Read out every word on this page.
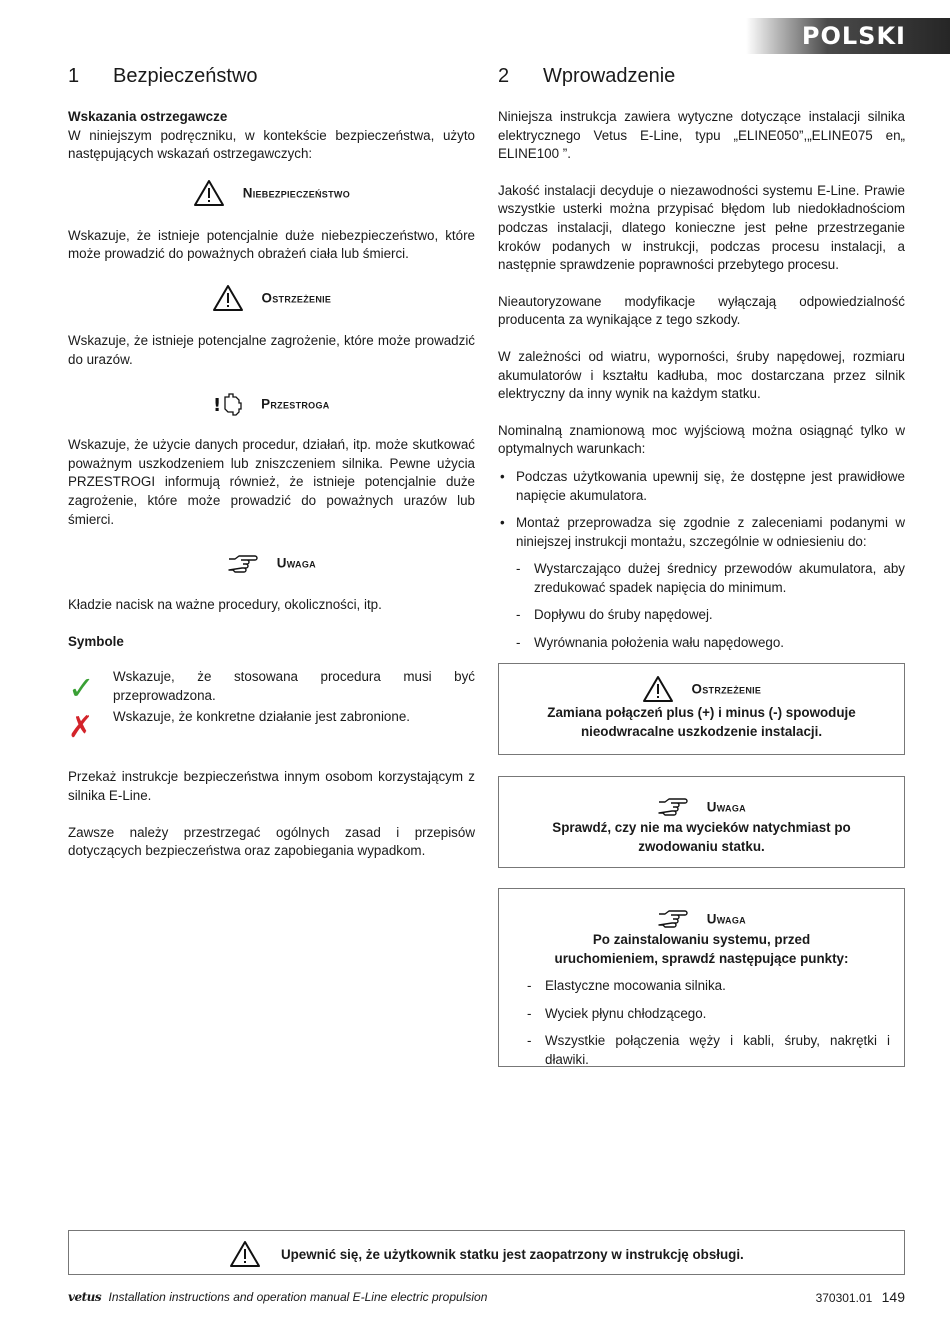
POLSKI
1 Bezpieczeństwo

Wskazania ostrzegawcze

W niniejszym podręczniku, w kontekście bezpieczeństwa, użyto następujących wskazań ostrzegawczych:

Niebezpieczeństwo

Wskazuje, że istnieje potencjalnie duże niebezpieczeństwo, które może prowadzić do poważnych obrażeń ciała lub śmierci.

Ostrzeżenie

Wskazuje, że istnieje potencjalne zagrożenie, które może prowadzić do urazów.

!	Przestroga

Wskazuje, że użycie danych procedur, działań, itp. może skutkować poważnym uszkodzeniem lub zniszczeniem silnika. Pewne użycia PRZESTROGI informują również, że istnieje potencjalnie duże zagrożenie, które może prowadzić do poważnych urazów lub śmierci.

Uwaga

Kładzie nacisk na ważne procedury, okoliczności, itp.

Symbole

✓	Wskazuje, że stosowana procedura musi być przeprowadzona.

✗	Wskazuje, że konkretne działanie jest zabronione.

Przekaż instrukcje bezpieczeństwa innym osobom korzystającym z silnika E-Line.

Zawsze należy przestrzegać ogólnych zasad i przepisów dotyczących bezpieczeństwa oraz zapobiegania wypadkom.

2 Wprowadzenie

Niniejsza instrukcja zawiera wytyczne dotyczące instalacji silnika elektrycznego Vetus E-Line, typu „ELINE050”,„ELINE075 en„ ELINE100 ”.

Jakość instalacji decyduje o niezawodności systemu E-Line. Prawie wszystkie usterki można przypisać błędom lub niedokładnościom podczas instalacji, dlatego konieczne jest pełne przestrzeganie kroków podanych w instrukcji, podczas procesu instalacji, a następnie sprawdzenie poprawności przebytego procesu.

Nieautoryzowane modyfikacje wyłączają odpowiedzialność producenta za wynikające z tego szkody.

W zależności od wiatru, wyporności, śruby napędowej, rozmiaru akumulatorów i kształtu kadłuba, moc dostarczana przez silnik elektryczny da inny wynik na każdym statku.

Nominalną znamionową moc wyjściową można osiągnąć tylko w optymalnych warunkach:

• Podczas użytkowania upewnij się, że dostępne jest prawidłowe napięcie akumulatora.
• Montaż przeprowadza się zgodnie z zaleceniami podanymi w niniejszej instrukcji montażu, szczególnie w odniesieniu do:
- Wystarczająco dużej średnicy przewodów akumulatora, aby zredukować spadek napięcia do minimum.
- Dopływu do śruby napędowej.
- Wyrównania położenia wału napędowego.
Ostrzeżenie

Zamiana połączeń plus (+) i minus (-) spowoduje nieodwracalne uszkodzenie instalacji.

Uwaga

Sprawdź, czy nie ma wycieków natychmiast po zwodowaniu statku.

Uwaga

Po zainstalowaniu systemu, przed uruchomieniem, sprawdź następujące punkty:

- Elastyczne mocowania silnika.
- Wyciek płynu chłodzącego.
- Wszystkie połączenia węży i kabli, śruby, nakrętki i dławiki.
Upewnić się, że użytkownik statku jest zaopatrzony w instrukcję obsługi.
vetus Installation instructions and operation manual E-Line electric propulsion	370301.01 149
